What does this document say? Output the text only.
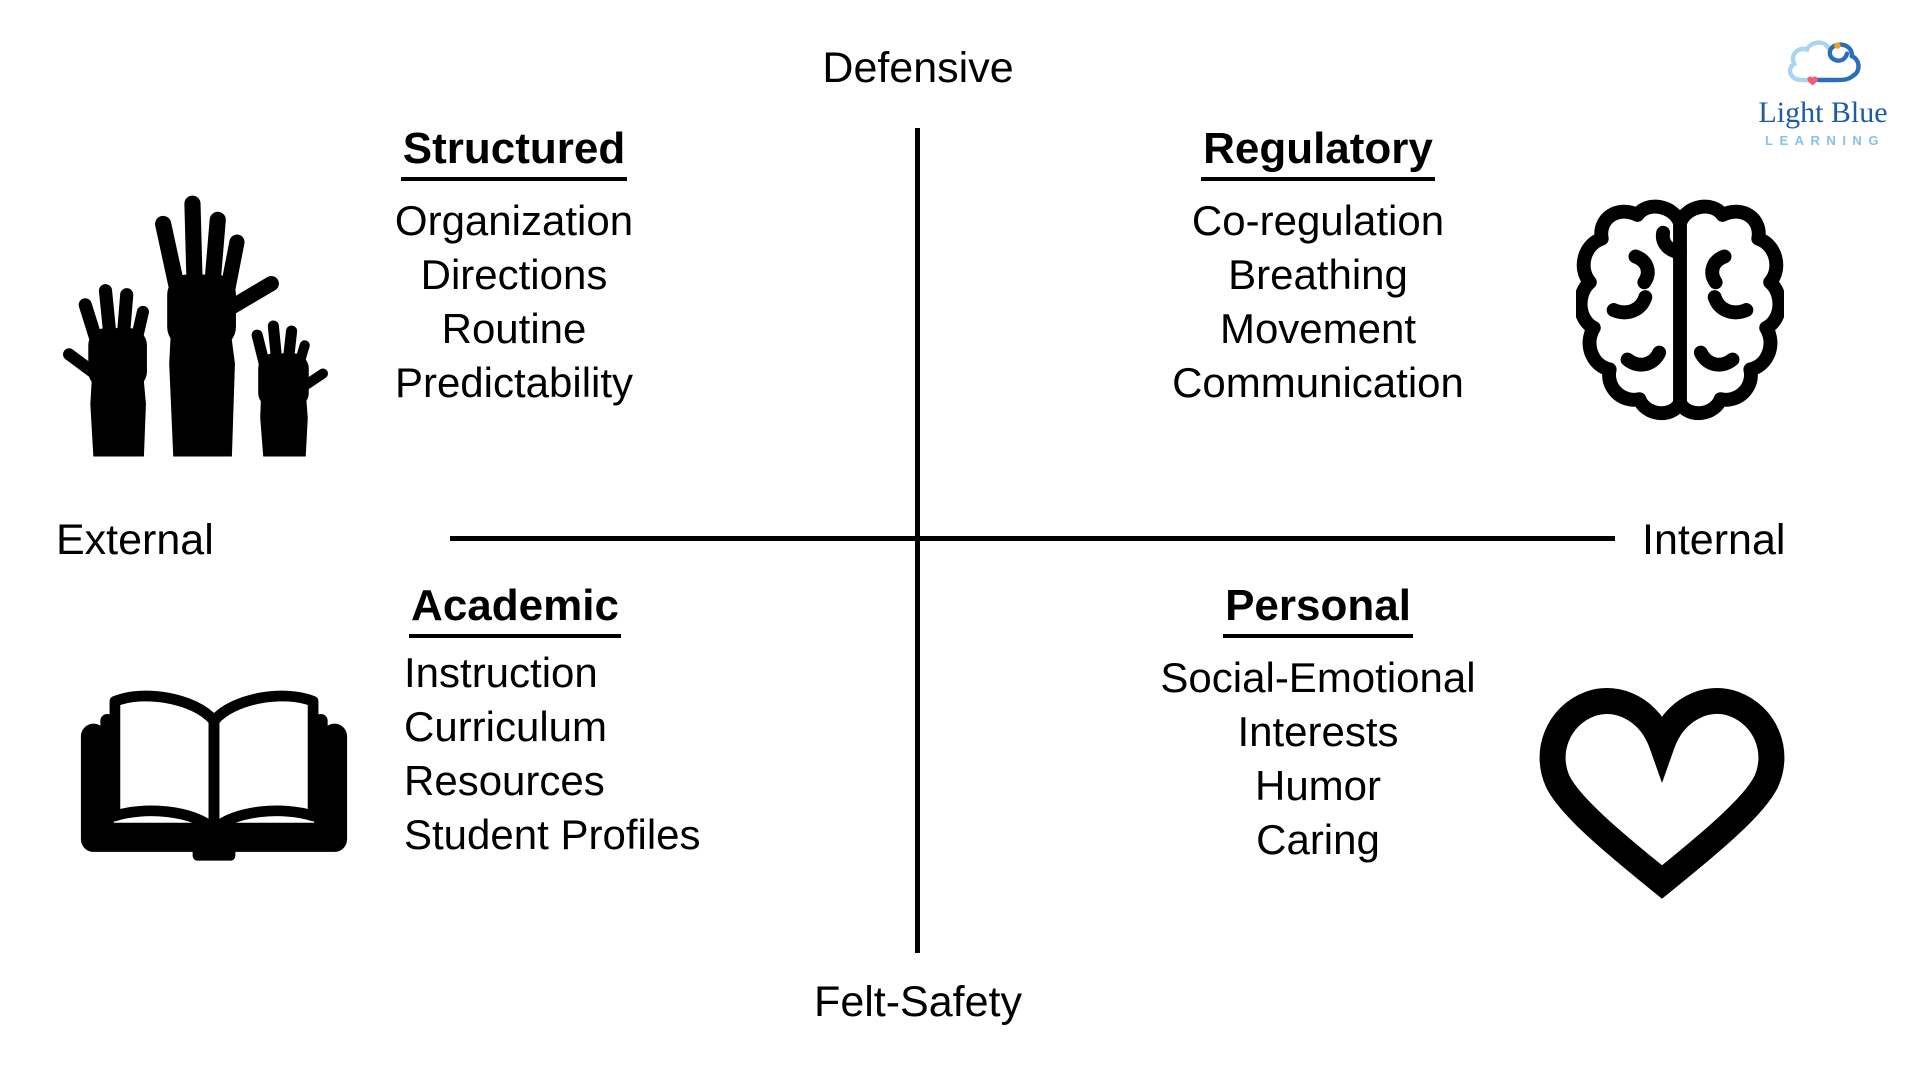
Defensive
Felt-Safety
External	Internal
Structured
Organization
Directions
Routine
Predictability
Regulatory
Co-regulation
Breathing
Movement
Communication
Academic
Instruction
Curriculum
Resources
Student Profiles
Personal
Social-Emotional
Interests
Humor
Caring
Light Blue
LEARNING
